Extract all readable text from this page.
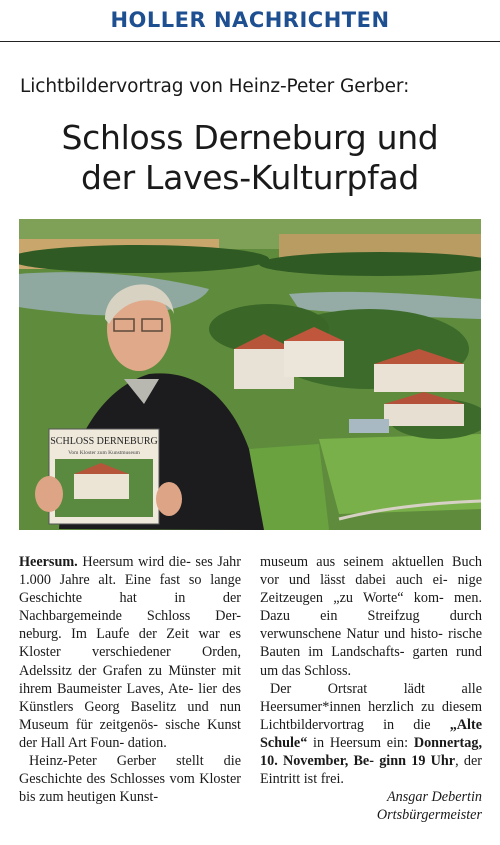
HOLLER NACHRICHTEN
Lichtbildervortrag von Heinz-Peter Gerber:
Schloss Derneburg und
der Laves-Kulturpfad
SCHLOSS DERNEBURG
Vom Kloster zum Kunstmuseum

Heersum. Heersum wird die- ses Jahr 1.000 Jahre alt. Eine fast so lange Geschichte hat in der Nachbargemeinde Schloss Der- neburg. Im Laufe der Zeit war es Kloster verschiedener Orden, Adelssitz der Grafen zu Münster mit ihrem Baumeister Laves, Ate- lier des Künstlers Georg Baselitz und nun Museum für zeitgenös- sische Kunst der Hall Art Foun- dation.

Heinz-Peter Gerber stellt die Geschichte des Schlosses vom Kloster bis zum heutigen Kunst-

museum aus seinem aktuellen Buch vor und lässt dabei auch ei- nige Zeitzeugen „zu Worte“ kom- men. Dazu ein Streifzug durch verwunschene Natur und histo- rische Bauten im Landschafts- garten rund um das Schloss.

Der Ortsrat lädt alle Heersumer*innen herzlich zu diesem Lichtbildervortrag in die „Alte Schule“ in Heersum ein: Donnertag, 10. November, Be- ginn 19 Uhr, der Eintritt ist frei.

Ansgar Debertin
Ortsbürgermeister
